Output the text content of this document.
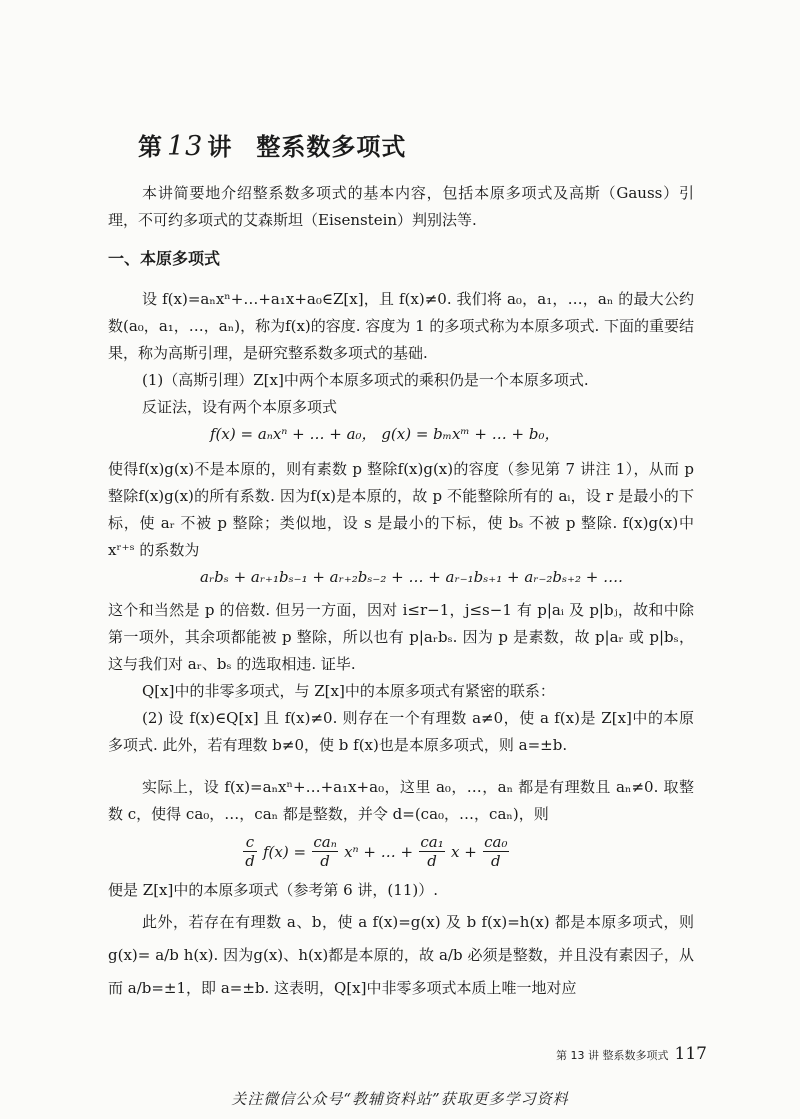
第 13 讲 整系数多项式

本讲简要地介绍整系数多项式的基本内容，包括本原多项式及高斯（Gauss）引理，不可约多项式的艾森斯坦（Eisenstein）判别法等.

一、本原多项式

设 f(x)=aₙxⁿ+…+a₁x+a₀∈Z[x]，且 f(x)≠0. 我们将 a₀，a₁，…，aₙ 的最大公约数(a₀，a₁，…，aₙ)，称为f(x)的容度. 容度为 1 的多项式称为本原多项式. 下面的重要结果，称为高斯引理，是研究整系数多项式的基础.

(1)（高斯引理）Z[x]中两个本原多项式的乘积仍是一个本原多项式.

反证法，设有两个本原多项式

f(x) = aₙxⁿ + … + a₀， g(x) = bₘxᵐ + … + b₀，

使得f(x)g(x)不是本原的，则有素数 p 整除f(x)g(x)的容度（参见第 7 讲注 1），从而 p 整除f(x)g(x)的所有系数. 因为f(x)是本原的，故 p 不能整除所有的 aᵢ，设 r 是最小的下标，使 aᵣ 不被 p 整除；类似地，设 s 是最小的下标，使 bₛ 不被 p 整除. f(x)g(x)中 xʳ⁺ˢ 的系数为

aᵣbₛ + aᵣ₊₁bₛ₋₁ + aᵣ₊₂bₛ₋₂ + … + aᵣ₋₁bₛ₊₁ + aᵣ₋₂bₛ₊₂ + ….

这个和当然是 p 的倍数. 但另一方面，因对 i≤r−1，j≤s−1 有 p|aᵢ 及 p|bⱼ，故和中除第一项外，其余项都能被 p 整除，所以也有 p|aᵣbₛ. 因为 p 是素数，故 p|aᵣ 或 p|bₛ，这与我们对 aᵣ、bₛ 的选取相违. 证毕.

Q[x]中的非零多项式，与 Z[x]中的本原多项式有紧密的联系：

(2) 设 f(x)∈Q[x] 且 f(x)≠0. 则存在一个有理数 a≠0，使 a f(x)是 Z[x]中的本原多项式. 此外，若有理数 b≠0，使 b f(x)也是本原多项式，则 a=±b.

实际上，设 f(x)=aₙxⁿ+…+a₁x+a₀，这里 a₀，…，aₙ 都是有理数且 aₙ≠0. 取整数 c，使得 ca₀，…，caₙ 都是整数，并令 d=(ca₀，…，caₙ)，则

c
d
f(x) =
caₙ
d
xⁿ + … +
ca₁
d
x +
ca₀
d

便是 Z[x]中的本原多项式（参考第 6 讲，(11)）.

此外，若存在有理数 a、b，使 a f(x)=g(x) 及 b f(x)=h(x) 都是本原多项式，则 g(x)= a/b h(x). 因为g(x)、h(x)都是本原的，故 a/b 必须是整数，并且没有素因子，从而 a/b=±1，即 a=±b. 这表明，Q[x]中非零多项式本质上唯一地对应

第 13 讲 整系数多项式 117
关注微信公众号“教辅资料站”获取更多学习资料
